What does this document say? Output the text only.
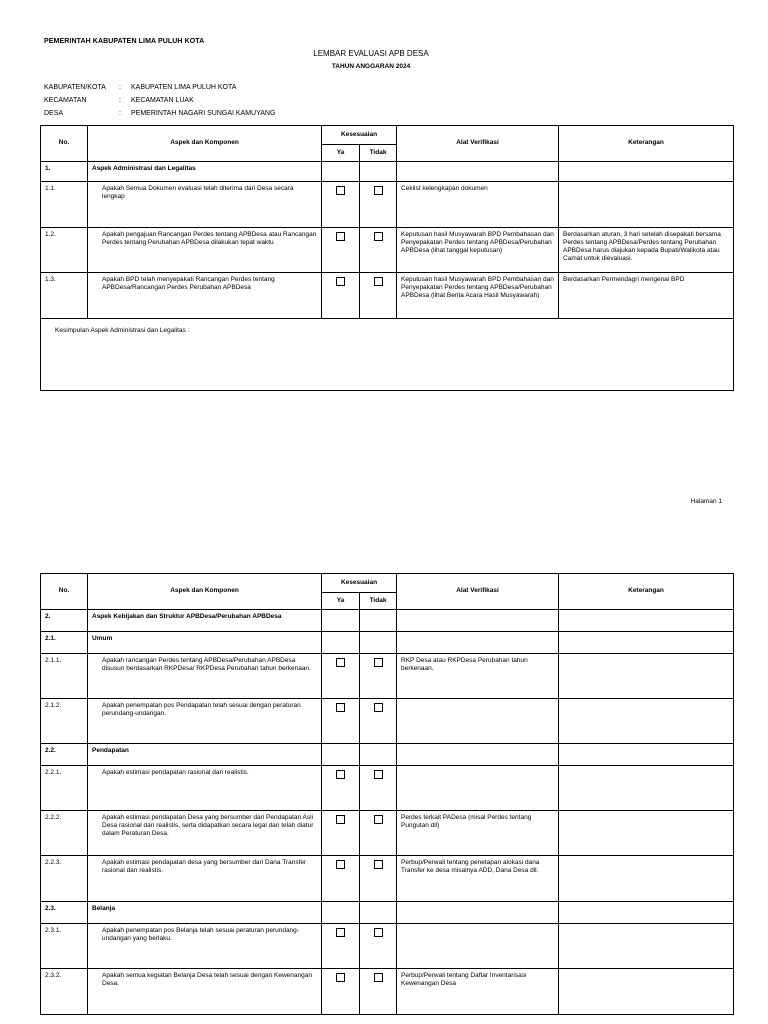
PEMERINTAH KABUPATEN LIMA PULUH KOTA
LEMBAR EVALUASI APB DESA
TAHUN ANGGARAN 2024
KABUPATEN/KOTA	: KABUPATEN LIMA PULUH KOTA
KECAMATAN	: KECAMATAN LUAK
DESA	: PEMERINTAH NAGARI SUNGAI KAMUYANG
No.	Aspek dan Komponen	Kesesuaian		Alat Verifikasi	Keterangan
		Ya	Tidak		
1.	Aspek Administrasi dan Legalitas				
1.1.	Apakah Semua Dokumen evaluasi telah diterima dari Desa secara lengkap			Ceklist kelengkapan dokumen	
1.2.	Apakah pengajuan Rancangan Perdes tentang APBDesa atau Rancangan Perdes tentang Perubahan APBDesa dilakukan tepat waktu			Keputusan hasil Musyawarah BPD Pembahasan dan Penyepakatan Perdes tentang APBDesa/Perubahan APBDesa (lihat tanggal keputusan)	Berdasarkan aturan, 3 hari setelah disepakati bersama Perdes tentang APBDesa/Perdes tentang Perubahan APBDesa harus diajukan kepada Bupati/Walikota atau Camat untuk dievaluasi.
1.3.	Apakah BPD telah menyepakati Rancangan Perdes tentang APBDesa/Rancangan Perdes Perubahan APBDesa			Keputusan hasil Musyawarah BPD Pembahasan dan Penyepakatan Perdes tentang APBDesa/Perubahan APBDesa (lihat Berita Acara Hasil Musyawarah)	Berdasarkan Permendagri mengenai BPD
Kesimpulan Aspek Administrasi dan Legalitas :					
Halaman 1
No.	Aspek dan Komponen	Kesesuaian		Alat Verifikasi	Keterangan
		Ya	Tidak		
2.	Aspek Kebijakan dan Struktur APBDesa/Perubahan APBDesa				
2.1.	Umum				
2.1.1.	Apakah rancangan Perdes tentang APBDesa/Perubahan APBDesa disusun berdasarkan RKPDesa/ RKPDesa Perubahan tahun berkenaan.			RKP Desa atau RKPDesa Perubahan tahun berkenaan.	
2.1.2.	Apakah penempatan pos Pendapatan telah sesuai dengan peraturan perundang-undangan.				
2.2.	Pendapatan				
2.2.1.	Apakah estimasi pendapatan rasional dan realistis.				
2.2.2.	Apakah estimasi pendapatan Desa yang bersumber dari Pendapatan Asli Desa rasional dan realistis, serta didapatkan secara legal dan telah diatur dalam Peraturan Desa.			Perdes terkait PADesa (misal Perdes tentang Pungutan dll)	
2.2.3.	Apakah estimasi pendapatan desa yang bersumber dari Dana Transfer rasional dan realistis.			Perbup/Perwali tentang penetapan alokasi dana Transfer ke desa misalnya ADD, Dana Desa dll.	
2.3.	Belanja				
2.3.1.	Apakah penempatan pos Belanja telah sesuai peraturan perundang-undangan yang berlaku.				
2.3.2.	Apakah semua kegiatan Belanja Desa telah sesuai dengan Kewenangan Desa.			Perbup/Perwali tentang Daftar Inventarisasi Kewenangan Desa	
